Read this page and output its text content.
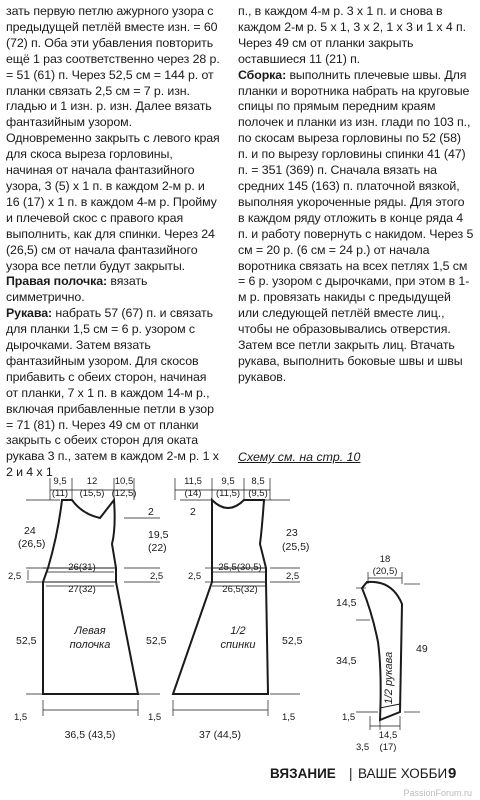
зать первую петлю ажурного узора с предыдущей петлёй вместе изн. = 60 (72) п. Оба эти убавления повторить ещё 1 раз соответственно через 28 р. = 51 (61) п. Через 52,5 см = 144 р. от планки связать 2,5 см = 7 р. изн. гладью и 1 изн. р. изн. Далее вязать фантазийным узором. Одновременно закрыть с левого края для скоса выреза горловины, начиная от начала фантазийного узора, 3 (5) х 1 п. в каждом 2-м р. и 16 (17) х 1 п. в каждом 4-м р. Пройму и плечевой скос с правого края выполнить, как для спинки. Через 24 (26,5) см от начала фантазийного узора все петли будут закрыты.

Правая полочка: вязать симметрично.

Рукава: набрать 57 (67) п. и связать для планки 1,5 см = 6 р. узором с дырочками. Затем вязать фантазийным узором. Для скосов прибавить с обеих сторон, начиная от планки, 7 х 1 п. в каждом 14-м р., включая прибавленные петли в узор = 71 (81) п. Через 49 см от планки закрыть с обеих сторон для оката рукава 3 п., затем в каждом 2-м р. 1 х 2 и 4 х 1

п., в каждом 4-м р. 3 х 1 п. и снова в каждом 2-м р. 5 х 1, 3 х 2, 1 х 3 и 1 х 4 п. Через 49 см от планки закрыть оставшиеся 11 (21) п.

Сборка: выполнить плечевые швы. Для планки и воротника набрать на круговые спицы по прямым передним краям полочек и планки из изн. глади по 103 п., по скосам выреза горловины по 52 (58) п. и по вырезу горловины спинки 41 (47) п. = 351 (369) п. Сначала вязать на средних 145 (163) п. платочной вязкой, выполняя укороченные ряды. Для этого в каждом ряду отложить в конце ряда 4 п. и работу повернуть с накидом. Через 5 см = 20 р. (6 см = 24 р.) от начала воротника связать на всех петлях 1,5 см = 6 р. узором с дырочками, при этом в 1-м р. провязать накиды с предыдущей или следующей петлёй вместе лиц., чтобы не образовывались отверстия. Затем все петли закрыть лиц. Втачать рукава, выполнить боковые швы и швы рукавов.

Схему см. на стр. 10
9,5
(11)
12
(15,5)
10,5
(12,5)
24
(26,5)
19,5
(22)
2
26(31)
27(32)
2,5	2,5
52,5	52,5
1,5	1,5
36,5 (43,5)
Левая
полочка
11,5
(14)
9,5
(11,5)
8,5
(9,5)
23
(25,5)
2
25,5(30,5)
26,5(32)
2,5	2,5
52,5
1,5
37 (44,5)
1/2
спинки
18
(20,5)
14,5
34,5
1,5
49
3,5
14,5
(17)
1/2 рукава
ВЯЗАНИЕ | ВАШЕ ХОББИ 9
PassionForum.ru
